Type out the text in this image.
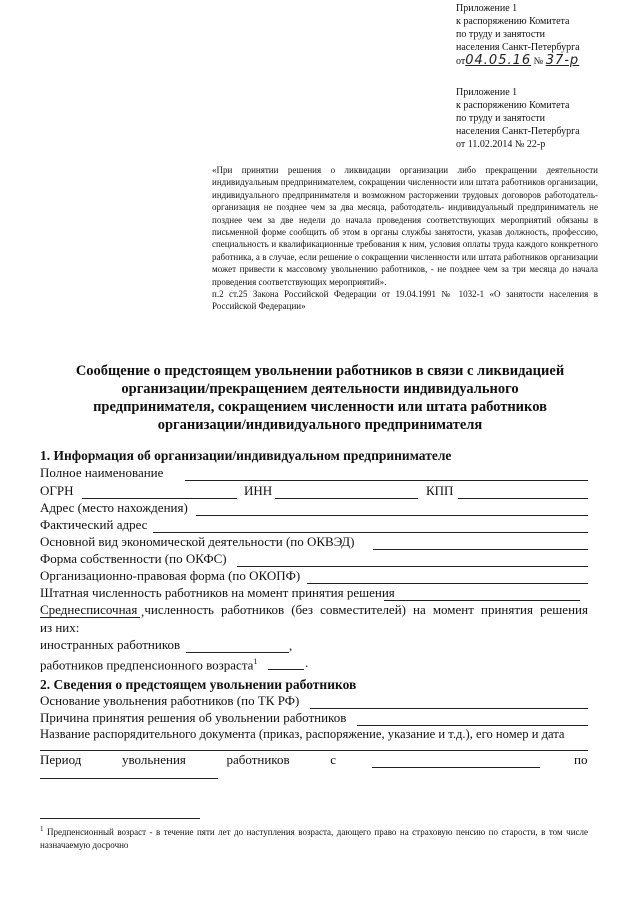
Приложение 1
к распоряжению Комитета
по труду и занятости
населения Санкт-Петербурга
от04.05.16 № 37-р
Приложение 1
к распоряжению Комитета
по труду и занятости
населения Санкт-Петербурга
от 11.02.2014 № 22-р

«При принятии решения о ликвидации организации либо прекращении деятельности индивидуальным предпринимателем, сокращении численности или штата работников организации, индивидуального предпринимателя и возможном расторжении трудовых договоров работодатель-организация не позднее чем за два месяца, работодатель- индивидуальный предприниматель не позднее чем за две недели до начала проведения соответствующих мероприятий обязаны в письменной форме сообщить об этом в органы службы занятости, указав должность, профессию, специальность и квалификационные требования к ним, условия оплаты труда каждого конкретного работника, а в случае, если решение о сокращении численности или штата работников организации может привести к массовому увольнению работников, - не позднее чем за три месяца до начала проведения соответствующих мероприятий».

п.2 ст.25 Закона Российской Федерации от 19.04.1991 № 1032-1 «О занятости населения в Российской Федерации»

Сообщение о предстоящем увольнении работников в связи с ликвидацией организации/прекращением деятельности индивидуального предпринимателя, сокращением численности или штата работников организации/индивидуального предпринимателя
1. Информация об организации/индивидуальном предпринимателе
Полное наименование
ОГРН	ИНН	КПП
Адрес (место нахождения)
Фактический адрес
Основной вид экономической деятельности (по ОКВЭД)
Форма собственности (по ОКФС)
Организационно-правовая форма (по ОКОПФ)
Штатная численность работников на момент принятия решения
Среднесписочная численность работников (без совместителей) на момент принятия решения
,
из них:
иностранных работников	,
работников предпенсионного возраста$^1$	.
2. Сведения о предстоящем увольнении работников
Основание увольнения работников (по ТК РФ)
Причина принятия решения об увольнении работников
Название распорядительного документа (приказ, распоряжение, указание и т.д.), его номер и дата
Период	увольнения	работников	с	по
$^1$ Предпенсионный возраст - в течение пяти лет до наступления возраста, дающего право на страховую пенсию по старости, в том числе назначаемую досрочно
